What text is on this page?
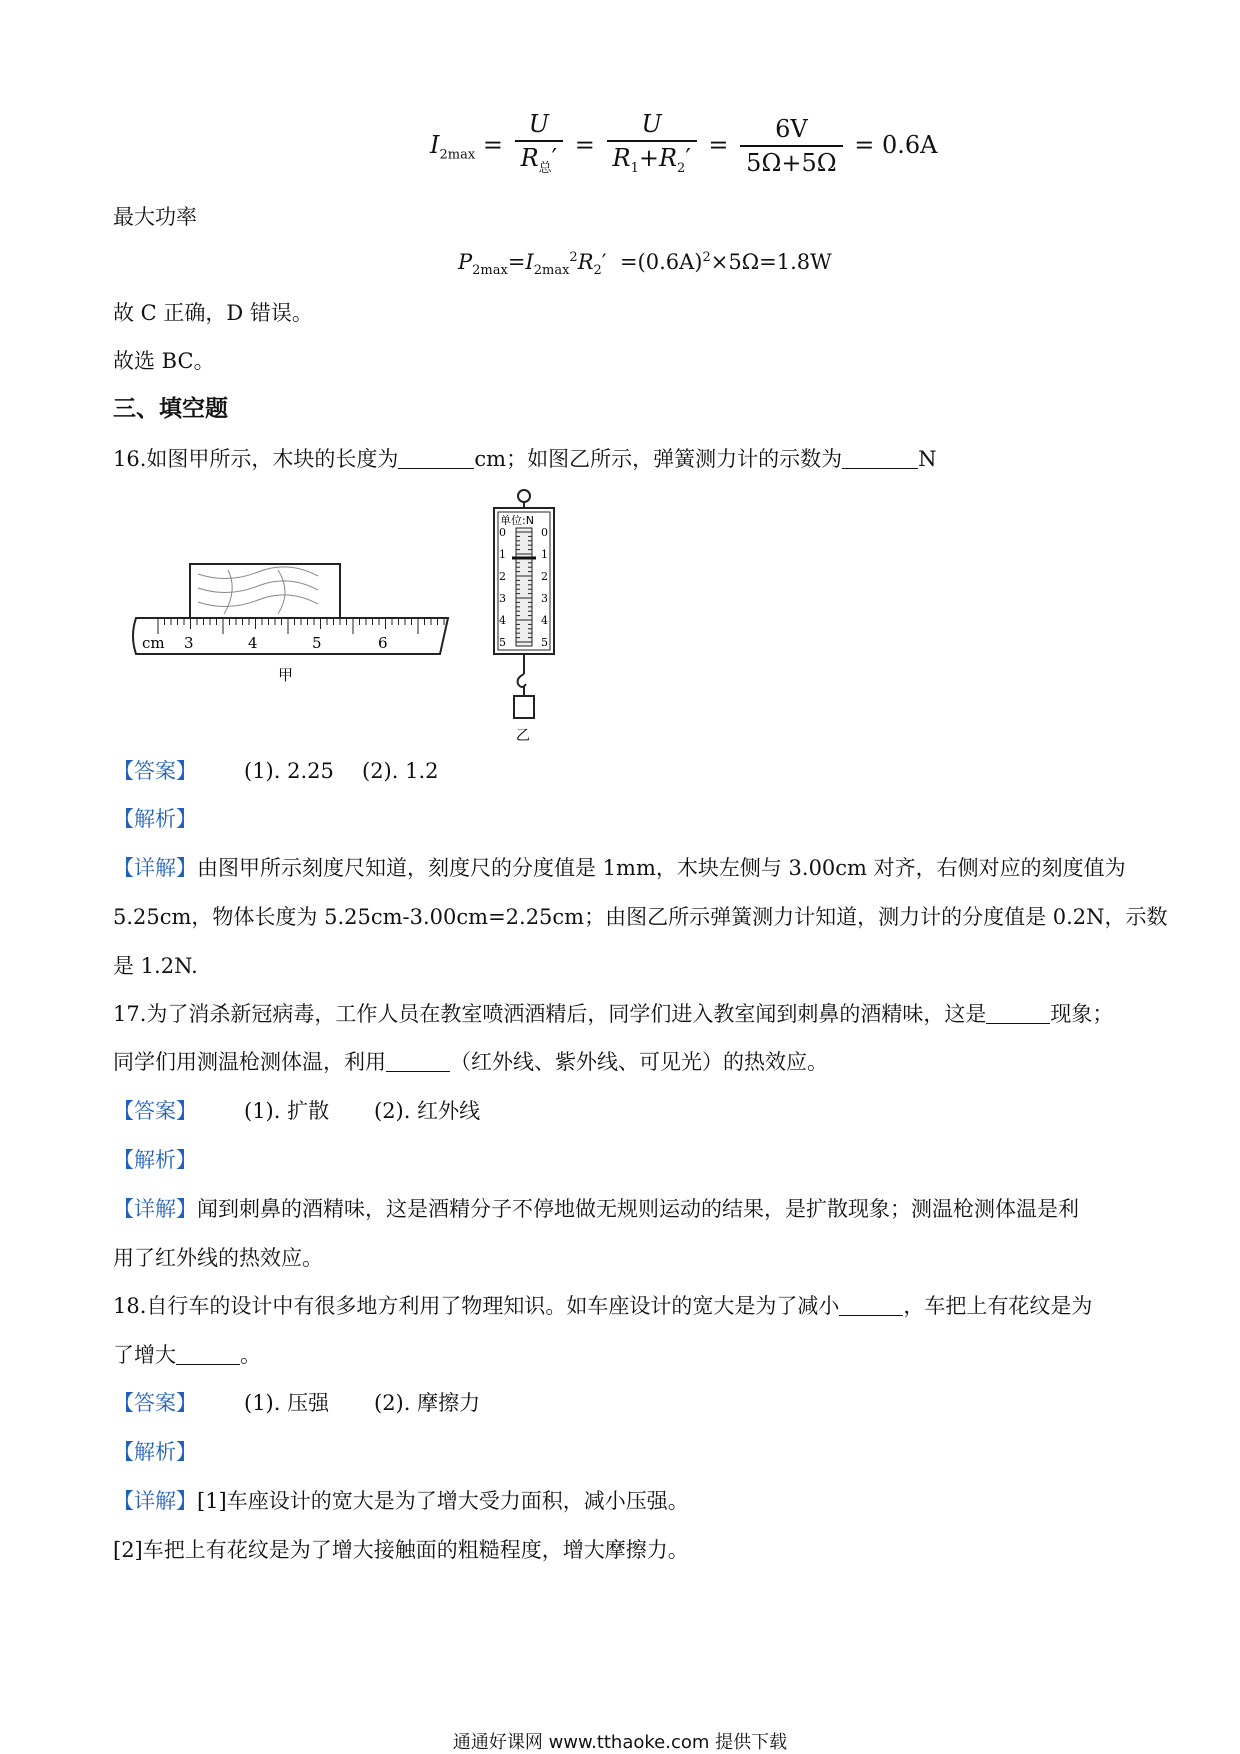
$I_{2max} = \frac{U}{R_总'} = \frac{U}{R_1+R_2'} = \frac{6V}{5\Omega+5\Omega} = 0.6A$
最大功率
$P_{2max}=I_{2max}^2R_2' =(0.6A)^2\times 5\Omega=1.8W$
故 C 正确，D 错误。
故选 BC。
三、填空题
16.如图甲所示，木块的长度为	cm；如图乙所示，弹簧测力计的示数为	N
cm 3	4	5	6
甲
单位:N
0
1
2
3
4
5
0
1
2
3
4
5
乙
【答案】 (1). 2.25 (2). 1.2
【解析】
【详解】由图甲所示刻度尺知道，刻度尺的分度值是 1mm，木块左侧与 3.00cm 对齐，右侧对应的刻度值为
5.25cm，物体长度为 5.25cm-3.00cm=2.25cm；由图乙所示弹簧测力计知道，测力计的分度值是 0.2N，示数
是 1.2N.
17.为了消杀新冠病毒，工作人员在教室喷洒酒精后，同学们进入教室闻到刺鼻的酒精味，这是	现象；
同学们用测温枪测体温，利用	（红外线、紫外线、可见光）的热效应。
【答案】 (1). 扩散 (2). 红外线
【解析】
【详解】闻到刺鼻的酒精味，这是酒精分子不停地做无规则运动的结果，是扩散现象；测温枪测体温是利
用了红外线的热效应。
18.自行车的设计中有很多地方利用了物理知识。如车座设计的宽大是为了减小	，车把上有花纹是为
了增大	。
【答案】 (1). 压强 (2). 摩擦力
【解析】
【详解】[1]车座设计的宽大是为了增大受力面积，减小压强。
[2]车把上有花纹是为了增大接触面的粗糙程度，增大摩擦力。
通通好课网 www.tthaoke.com 提供下载
